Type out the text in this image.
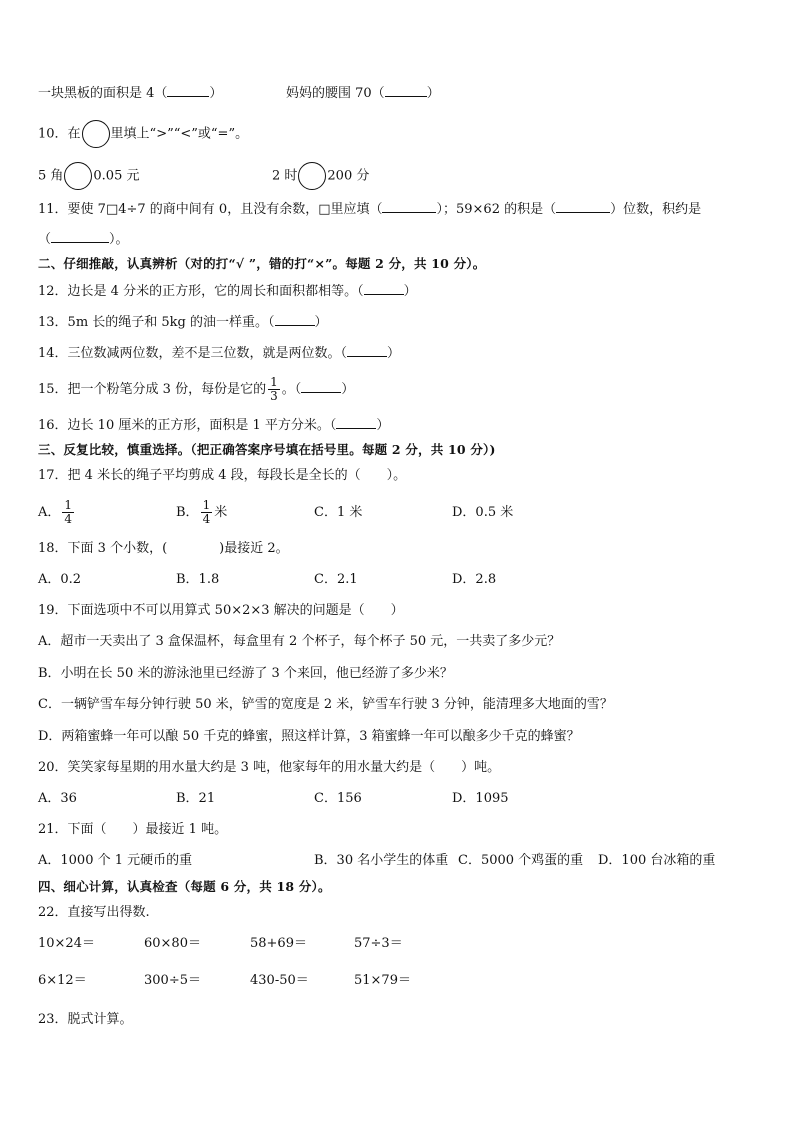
一块黑板的面积是 4（	）	妈妈的腰围 70（	）
10．在 里填上“>”“<”或“=”。
5 角 0.05 元	2 时 200 分
11．要使 7□4÷7 的商中间有 0，且没有余数，□里应填（	）；59×62 的积是（	）位数，积约是
（	）。
二、仔细推敲，认真辨析（对的打“√ ”，错的打“×”。每题 2 分，共 10 分）。
12．边长是 4 分米的正方形，它的周长和面积都相等。（	）
13．5m 长的绳子和 5kg 的油一样重。（	）
14．三位数减两位数，差不是三位数，就是两位数。（	）
15．把一个粉笔分成 3 份，每份是它的 $\frac{1}{3}$ 。（	）
16．边长 10 厘米的正方形，面积是 1 平方分米。（	）
三、反复比较，慎重选择。（把正确答案序号填在括号里。每题 2 分，共 10 分）)
17．把 4 米长的绳子平均剪成 4 段，每段长是全长的（　　）。
A． $\frac{1}{4}$	B． $\frac{1}{4}$ 米	C．1 米	D．0.5 米
18．下面 3 个小数，(　　　　)最接近 2。
A．0.2	B．1.8	C．2.1	D．2.8
19．下面选项中不可以用算式 50×2×3 解决的问题是（　　）
A．超市一天卖出了 3 盒保温杯，每盒里有 2 个杯子，每个杯子 50 元，一共卖了多少元？
B．小明在长 50 米的游泳池里已经游了 3 个来回，他已经游了多少米？
C．一辆铲雪车每分钟行驶 50 米，铲雪的宽度是 2 米，铲雪车行驶 3 分钟，能清理多大地面的雪？
D．两箱蜜蜂一年可以酿 50 千克的蜂蜜，照这样计算，3 箱蜜蜂一年可以酿多少千克的蜂蜜？
20．笑笑家每星期的用水量大约是 3 吨，他家每年的用水量大约是（　　）吨。
A．36	B．21	C．156	D．1095
21．下面（　　）最接近 1 吨。
A．1000 个 1 元硬币的重	B．30 名小学生的体重 C．5000 个鸡蛋的重 D．100 台冰箱的重
四、细心计算，认真检查（每题 6 分，共 18 分）。
22．直接写出得数.
10×24＝	60×80＝	58+69＝	57÷3＝
6×12＝	300÷5＝	430-50＝	51×79＝
23．脱式计算。
